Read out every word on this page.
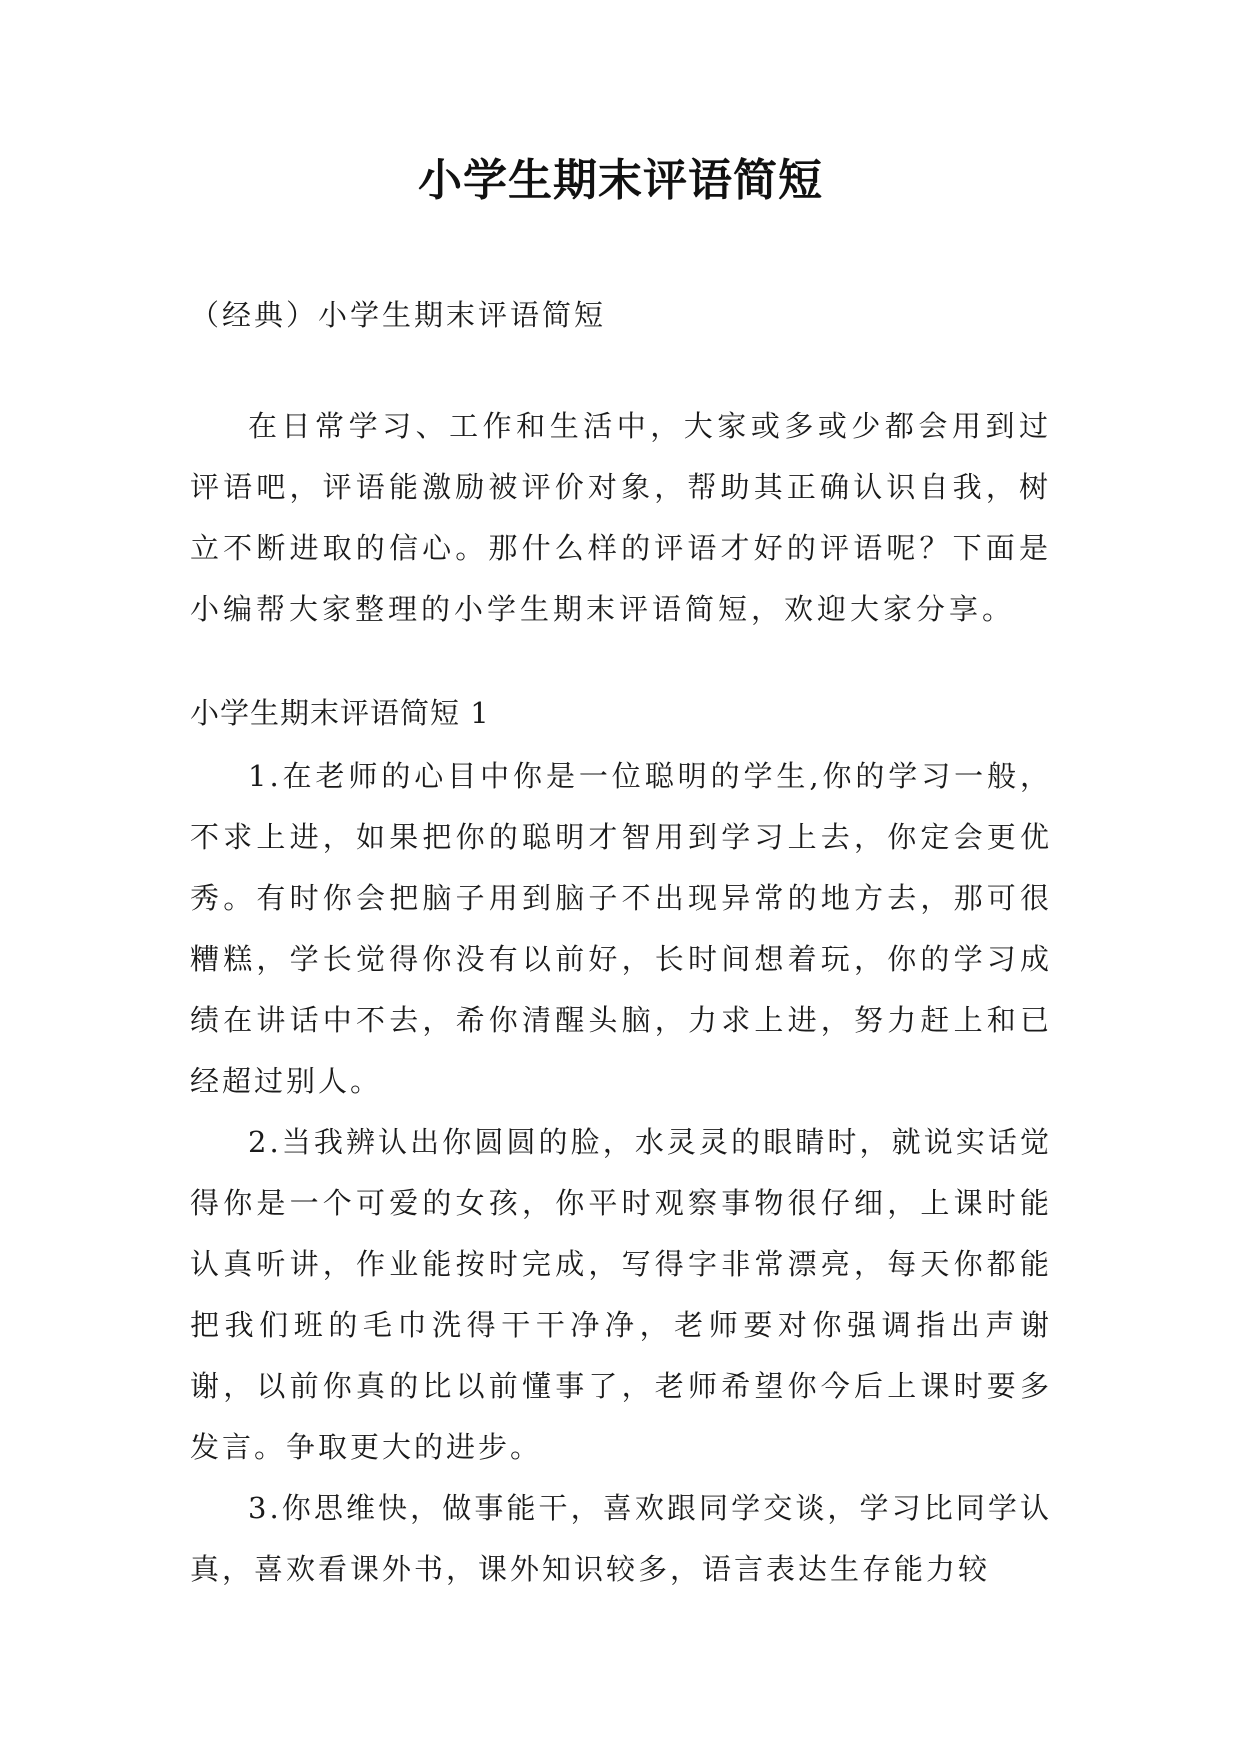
小学生期末评语简短

（经典）小学生期末评语简短

在日常学习、工作和生活中，大家或多或少都会用到过评语吧，评语能激励被评价对象，帮助其正确认识自我，树立不断进取的信心。那什么样的评语才好的评语呢？下面是小编帮大家整理的小学生期末评语简短，欢迎大家分享。

小学生期末评语简短 1

1.在老师的心目中你是一位聪明的学生,你的学习一般，不求上进，如果把你的聪明才智用到学习上去，你定会更优秀。有时你会把脑子用到脑子不出现异常的地方去，那可很糟糕，学长觉得你没有以前好，长时间想着玩，你的学习成绩在讲话中不去，希你清醒头脑，力求上进，努力赶上和已经超过别人。

2.当我辨认出你圆圆的脸，水灵灵的眼睛时，就说实话觉得你是一个可爱的女孩，你平时观察事物很仔细，上课时能认真听讲，作业能按时完成，写得字非常漂亮，每天你都能把我们班的毛巾洗得干干净净，老师要对你强调指出声谢谢，以前你真的比以前懂事了，老师希望你今后上课时要多发言。争取更大的进步。

3.你思维快，做事能干，喜欢跟同学交谈，学习比同学认真，喜欢看课外书，课外知识较多，语言表达生存能力较
